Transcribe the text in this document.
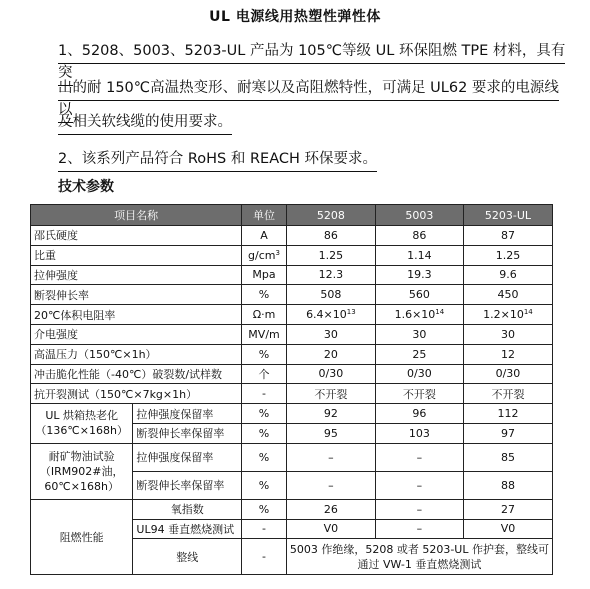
UL 电源线用热塑性弹性体
1、5208、5003、5203-UL 产品为 105℃等级 UL 环保阻燃 TPE 材料，具有突
出的耐 150℃高温热变形、耐寒以及高阻燃特性，可满足 UL62 要求的电源线以
及相关软线缆的使用要求。
2、该系列产品符合 RoHS 和 REACH 环保要求。
技术参数
项目名称		单位	5208	5003	5203-UL
邵氏硬度		A	86	86	87
比重		$g/cm^3$	1.25	1.14	1.25
拉伸强度		Mpa	12.3	19.3	9.6
断裂伸长率		%	508	560	450
20℃体积电阻率		Ω·m	$6.4\times 10^{13}$	$1.6\times 10^{14}$	$1.2\times 10^{14}$
介电强度		MV/m	30	30	30
高温压力（150℃×1h）		%	20	25	12
冲击脆化性能（-40℃）破裂数/试样数		个	0/30	0/30	0/30
抗开裂测试（150℃×7kg×1h）		-	不开裂	不开裂	不开裂

UL 烘箱热老化
（136℃×168h）	拉伸强度保留率	%	92	96	112
	断裂伸长率保留率	%	95	103	97

耐矿物油试验
（IRM902#油，
60℃×168h）	拉伸强度保留率	%	–	–	85
	断裂伸长率保留率	%	–	–	88
阻燃性能	氧指数	%	26	–	27
	UL94 垂直燃烧测试	-	V0	–	V0
	整线	-	5003 作绝缘，5208 或者 5203-UL 作护套，整线可
通过 VW-1 垂直燃烧测试		
